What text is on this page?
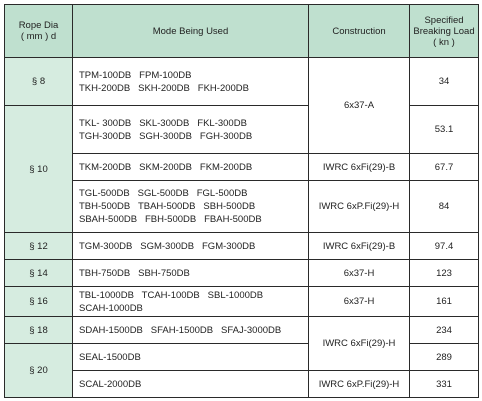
Rope Dia
( mm ) d	Mode Being Used	Construction	Specified
Breaking Load
( kn )

§ 8	TPM-100DB   FPM-100DB
TKH-200DB   SKH-200DB   FKH-200DB	6x37-A	34
§ 10	TKL- 300DB   SKL-300DB   FKL-300DB
TGH-300DB   SGH-300DB   FGH-300DB		53.1

	TKM-200DB   SKM-200DB   FKM-200DB	IWRC 6xFi(29)-B	67.7

	TGL-500DB   SGL-500DB   FGL-500DB
TBH-500DB   TBAH-500DB   SBH-500DB
SBAH-500DB   FBH-500DB   FBAH-500DB	IWRC 6xP.Fi(29)-H	84
§ 12	TGM-300DB   SGM-300DB   FGM-300DB	IWRC 6xFi(29)-B	97.4
§ 14	TBH-750DB   SBH-750DB	6x37-H	123
§ 16	TBL-1000DB   TCAH-100DB   SBL-1000DB
SCAH-1000DB	6x37-H	161
§ 18	SDAH-1500DB   SFAH-1500DB   SFAJ-3000DB	IWRC 6xFi(29)-H	234
§ 20	SEAL-1500DB		289

	SCAL-2000DB	IWRC 6xP.Fi(29)-H	331
